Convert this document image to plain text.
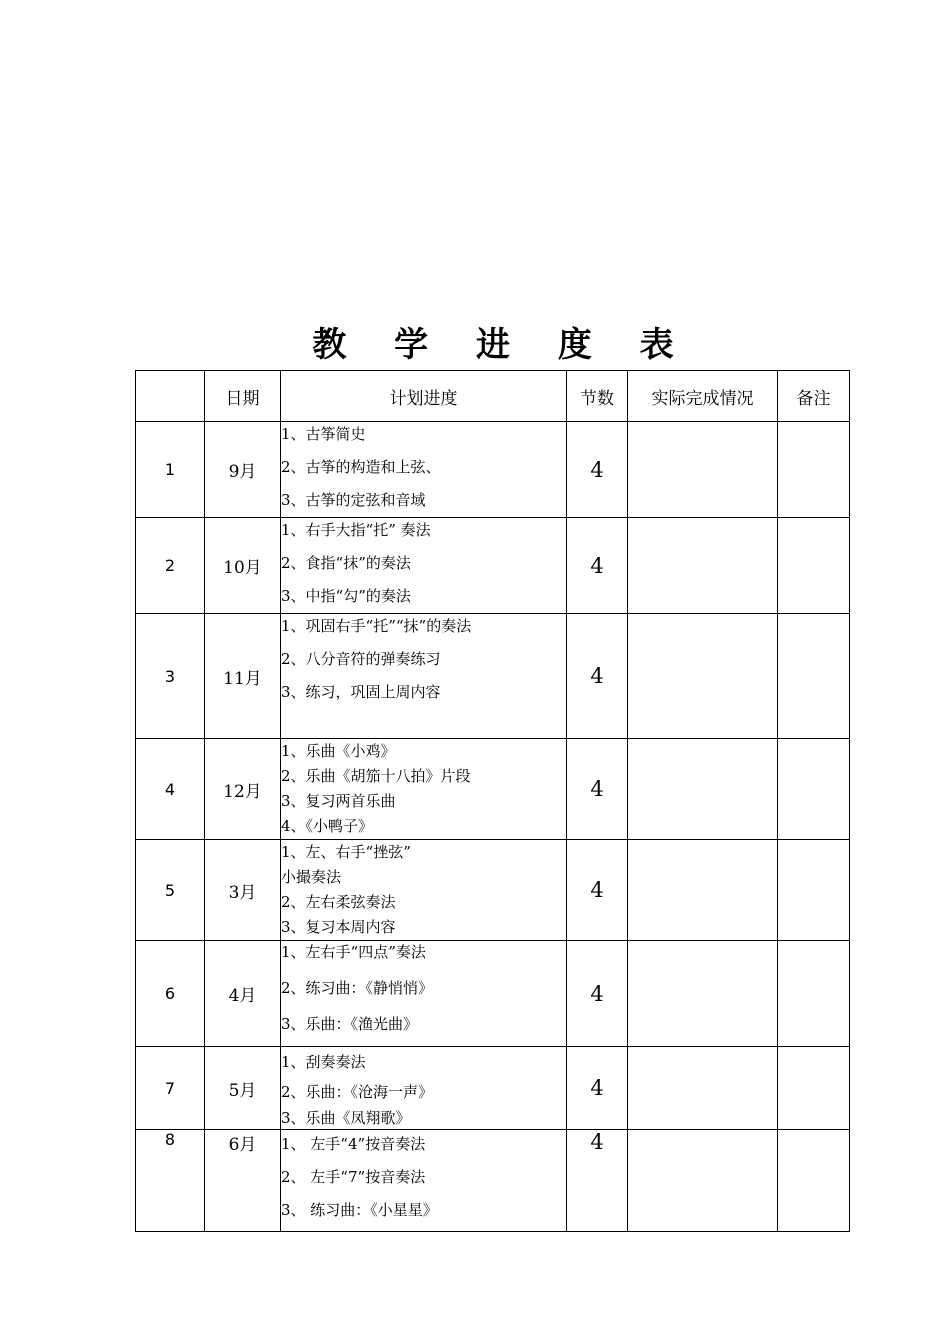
教 学 进 度 表
	日期	计划进度	节数	实际完成情况	备注
1	9月	1、古筝简史
2、古筝的构造和上弦、
3、古筝的定弦和音域	4		
2	10月	1、右手大指“托” 奏法
2、食指“抹”的奏法
3、中指“勾”的奏法	4		
3	11月	1、巩固右手“托”“抹”的奏法
2、八分音符的弹奏练习
3、练习，巩固上周内容	4		
4	12月	1、乐曲《小鸡》
2、乐曲《胡笳十八拍》片段
3、复习两首乐曲
4、《小鸭子》	4		
5	3月	1、左、右手“挫弦”
小撮奏法
2、左右柔弦奏法
3、复习本周内容	4		
6	4月	1、左右手“四点”奏法
2、练习曲：《静悄悄》
3、乐曲：《渔光曲》	4		
7	5月	1、刮奏奏法
2、乐曲：《沧海一声》
3、乐曲《凤翔歌》	4		
8	6月	1、 左手“4”按音奏法
2、 左手“7”按音奏法
3、 练习曲：《小星星》	4		
